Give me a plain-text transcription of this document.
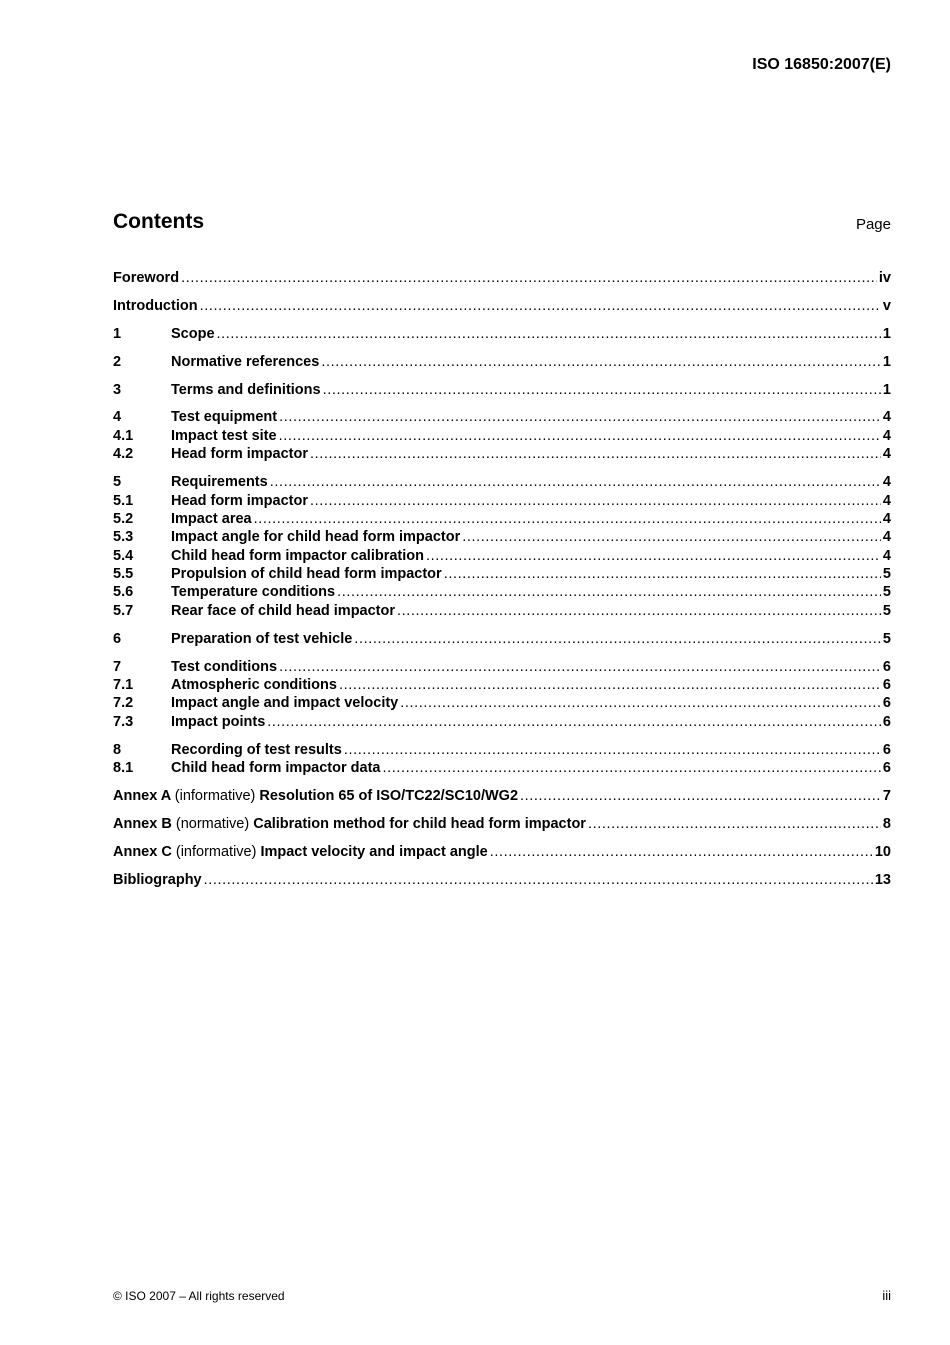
ISO 16850:2007(E)
Contents	Page
Foreword .....	iv
Introduction .....	v
1	Scope .....	1
2	Normative references .....	1
3	Terms and definitions .....	1
4	Test equipment .....	4
4.1	Impact test site .....	4
4.2	Head form impactor .....	4
5	Requirements .....	4
5.1	Head form impactor .....	4
5.2	Impact area .....	4
5.3	Impact angle for child head form impactor .....	4
5.4	Child head form impactor calibration .....	4
5.5	Propulsion of child head form impactor .....	5
5.6	Temperature conditions .....	5
5.7	Rear face of child head impactor .....	5
6	Preparation of test vehicle .....	5
7	Test conditions .....	6
7.1	Atmospheric conditions .....	6
7.2	Impact angle and impact velocity .....	6
7.3	Impact points .....	6
8	Recording of test results .....	6
8.1	Child head form impactor data .....	6
Annex A (informative) Resolution 65 of ISO/TC22/SC10/WG2 .....	7
Annex B (normative) Calibration method for child head form impactor .....	8
Annex C (informative) Impact velocity and impact angle .....	10
Bibliography .....	13
© ISO 2007 – All rights reserved	iii
